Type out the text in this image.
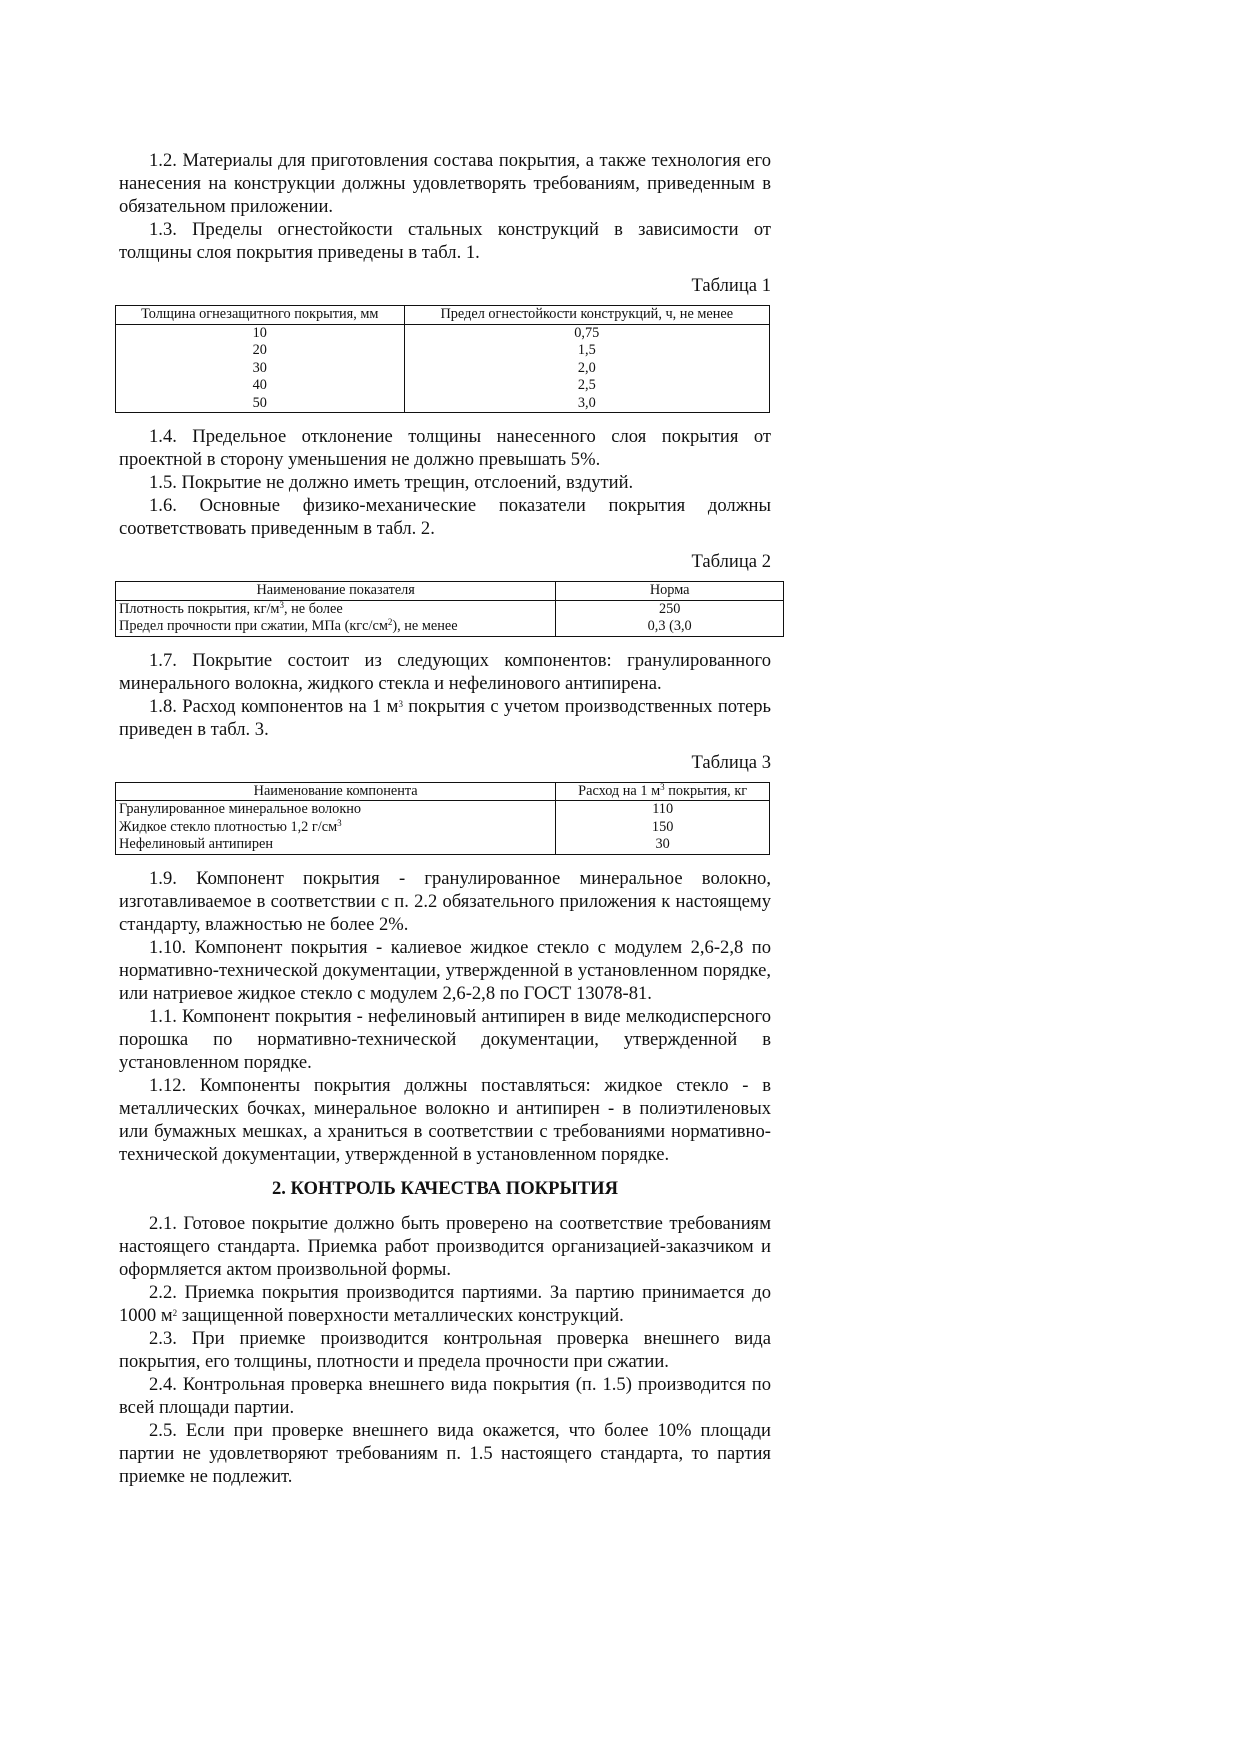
1.2. Материалы для приготовления состава покрытия, а также технология его нанесения на конструкции должны удовлетворять требованиям, приведенным в обязательном приложении.

1.3. Пределы огнестойкости стальных конструкций в зависимости от толщины слоя покрытия приведены в табл. 1.

Таблица 1
Толщина огнезащитного покрытия, мм	Предел огнестойкости конструкций, ч, не менее
10	0,75
20	1,5
30	2,0
40	2,5
50	3,0

1.4. Предельное отклонение толщины нанесенного слоя покрытия от проектной в сторону уменьшения не должно превышать 5%.

1.5. Покрытие не должно иметь трещин, отслоений, вздутий.

1.6. Основные физико-механические показатели покрытия должны соответствовать приведенным в табл. 2.

Таблица 2
Наименование показателя	Норма
Плотность покрытия, $кг/м^3$, не более	250
Предел прочности при сжатии, МПа $(кгс/см^2)$, не менее	0,3 (3,0

1.7. Покрытие состоит из следующих компонентов: гранулированного минерального волокна, жидкого стекла и нефелинового антипирена.

1.8. Расход компонентов на 1 $м^3$ покрытия с учетом производственных потерь приведен в табл. 3.

Таблица 3
Наименование компонента	Расход на 1 $м^3$ покрытия, кг
Гранулированное минеральное волокно	110
Жидкое стекло плотностью 1,2 $г/см^3$	150
Нефелиновый антипирен	30

1.9. Компонент покрытия - гранулированное минеральное волокно, изготавливаемое в соответствии с п. 2.2 обязательного приложения к настоящему стандарту, влажностью не более 2%.

1.10. Компонент покрытия - калиевое жидкое стекло с модулем 2,6-2,8 по нормативно-технической документации, утвержденной в установленном порядке, или натриевое жидкое стекло с модулем 2,6-2,8 по ГОСТ 13078-81.

1.1. Компонент покрытия - нефелиновый антипирен в виде мелкодисперсного порошка по нормативно-технической документации, утвержденной в установленном порядке.

1.12. Компоненты покрытия должны поставляться: жидкое стекло - в металлических бочках, минеральное волокно и антипирен - в полиэтиленовых или бумажных мешках, а храниться в соответствии с требованиями нормативно-технической документации, утвержденной в установленном порядке.

2. КОНТРОЛЬ КАЧЕСТВА ПОКРЫТИЯ

2.1. Готовое покрытие должно быть проверено на соответствие требованиям настоящего стандарта. Приемка работ производится организацией-заказчиком и оформляется актом произвольной формы.

2.2. Приемка покрытия производится партиями. За партию принимается до 1000 $м^2$ защищенной поверхности металлических конструкций.

2.3. При приемке производится контрольная проверка внешнего вида покрытия, его толщины, плотности и предела прочности при сжатии.

2.4. Контрольная проверка внешнего вида покрытия (п. 1.5) производится по всей площади партии.

2.5. Если при проверке внешнего вида окажется, что более 10% площади партии не удовлетворяют требованиям п. 1.5 настоящего стандарта, то партия приемке не подлежит.
